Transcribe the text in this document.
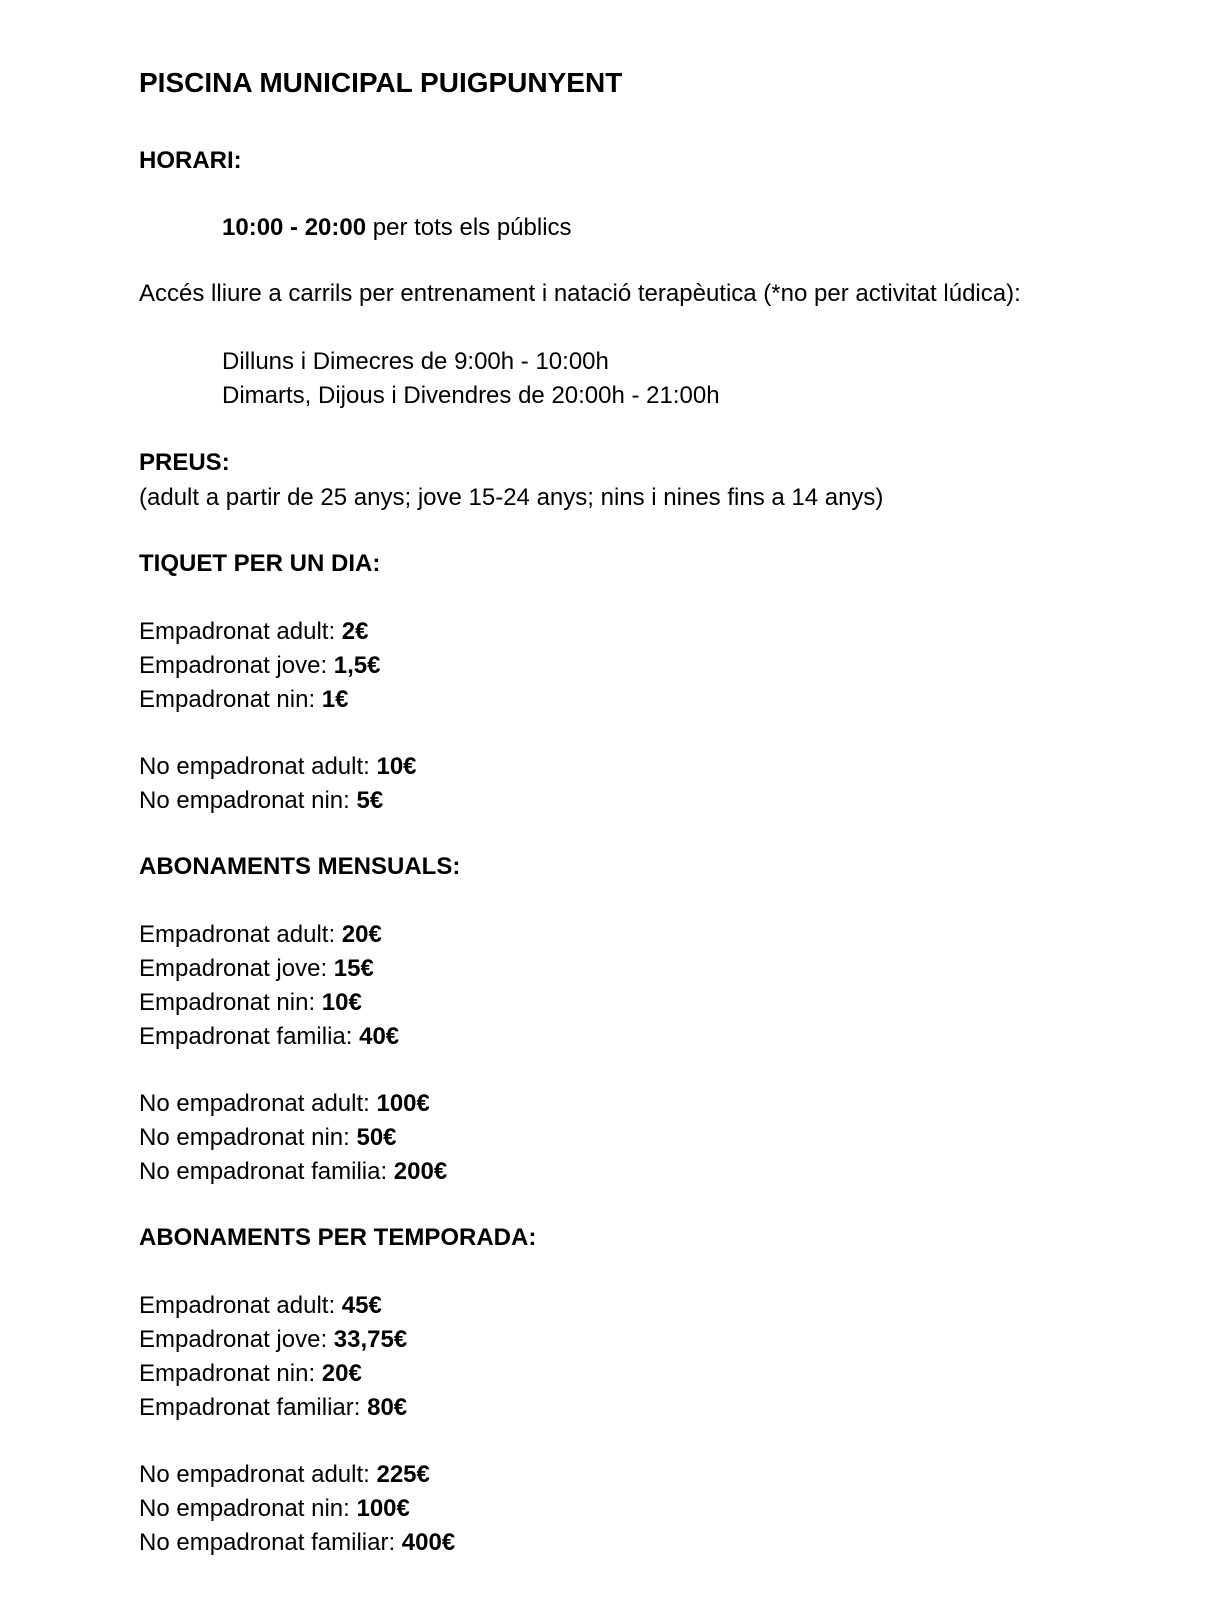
PISCINA MUNICIPAL PUIGPUNYENT
HORARI:
10:00 - 20:00 per tots els públics
Accés lliure a carrils per entrenament i natació terapèutica (*no per activitat lúdica):
Dilluns i Dimecres de 9:00h - 10:00h
Dimarts, Dijous i Divendres de 20:00h - 21:00h
PREUS:
(adult a partir de 25 anys; jove 15-24 anys; nins i nines fins a 14 anys)
TIQUET PER UN DIA:
Empadronat adult: 2€
Empadronat jove: 1,5€
Empadronat nin: 1€
No empadronat adult: 10€
No empadronat nin: 5€
ABONAMENTS MENSUALS:
Empadronat adult: 20€
Empadronat jove: 15€
Empadronat nin: 10€
Empadronat familia: 40€
No empadronat adult: 100€
No empadronat nin: 50€
No empadronat familia: 200€
ABONAMENTS PER TEMPORADA:
Empadronat adult: 45€
Empadronat jove: 33,75€
Empadronat nin: 20€
Empadronat familiar: 80€
No empadronat adult: 225€
No empadronat nin: 100€
No empadronat familiar: 400€
